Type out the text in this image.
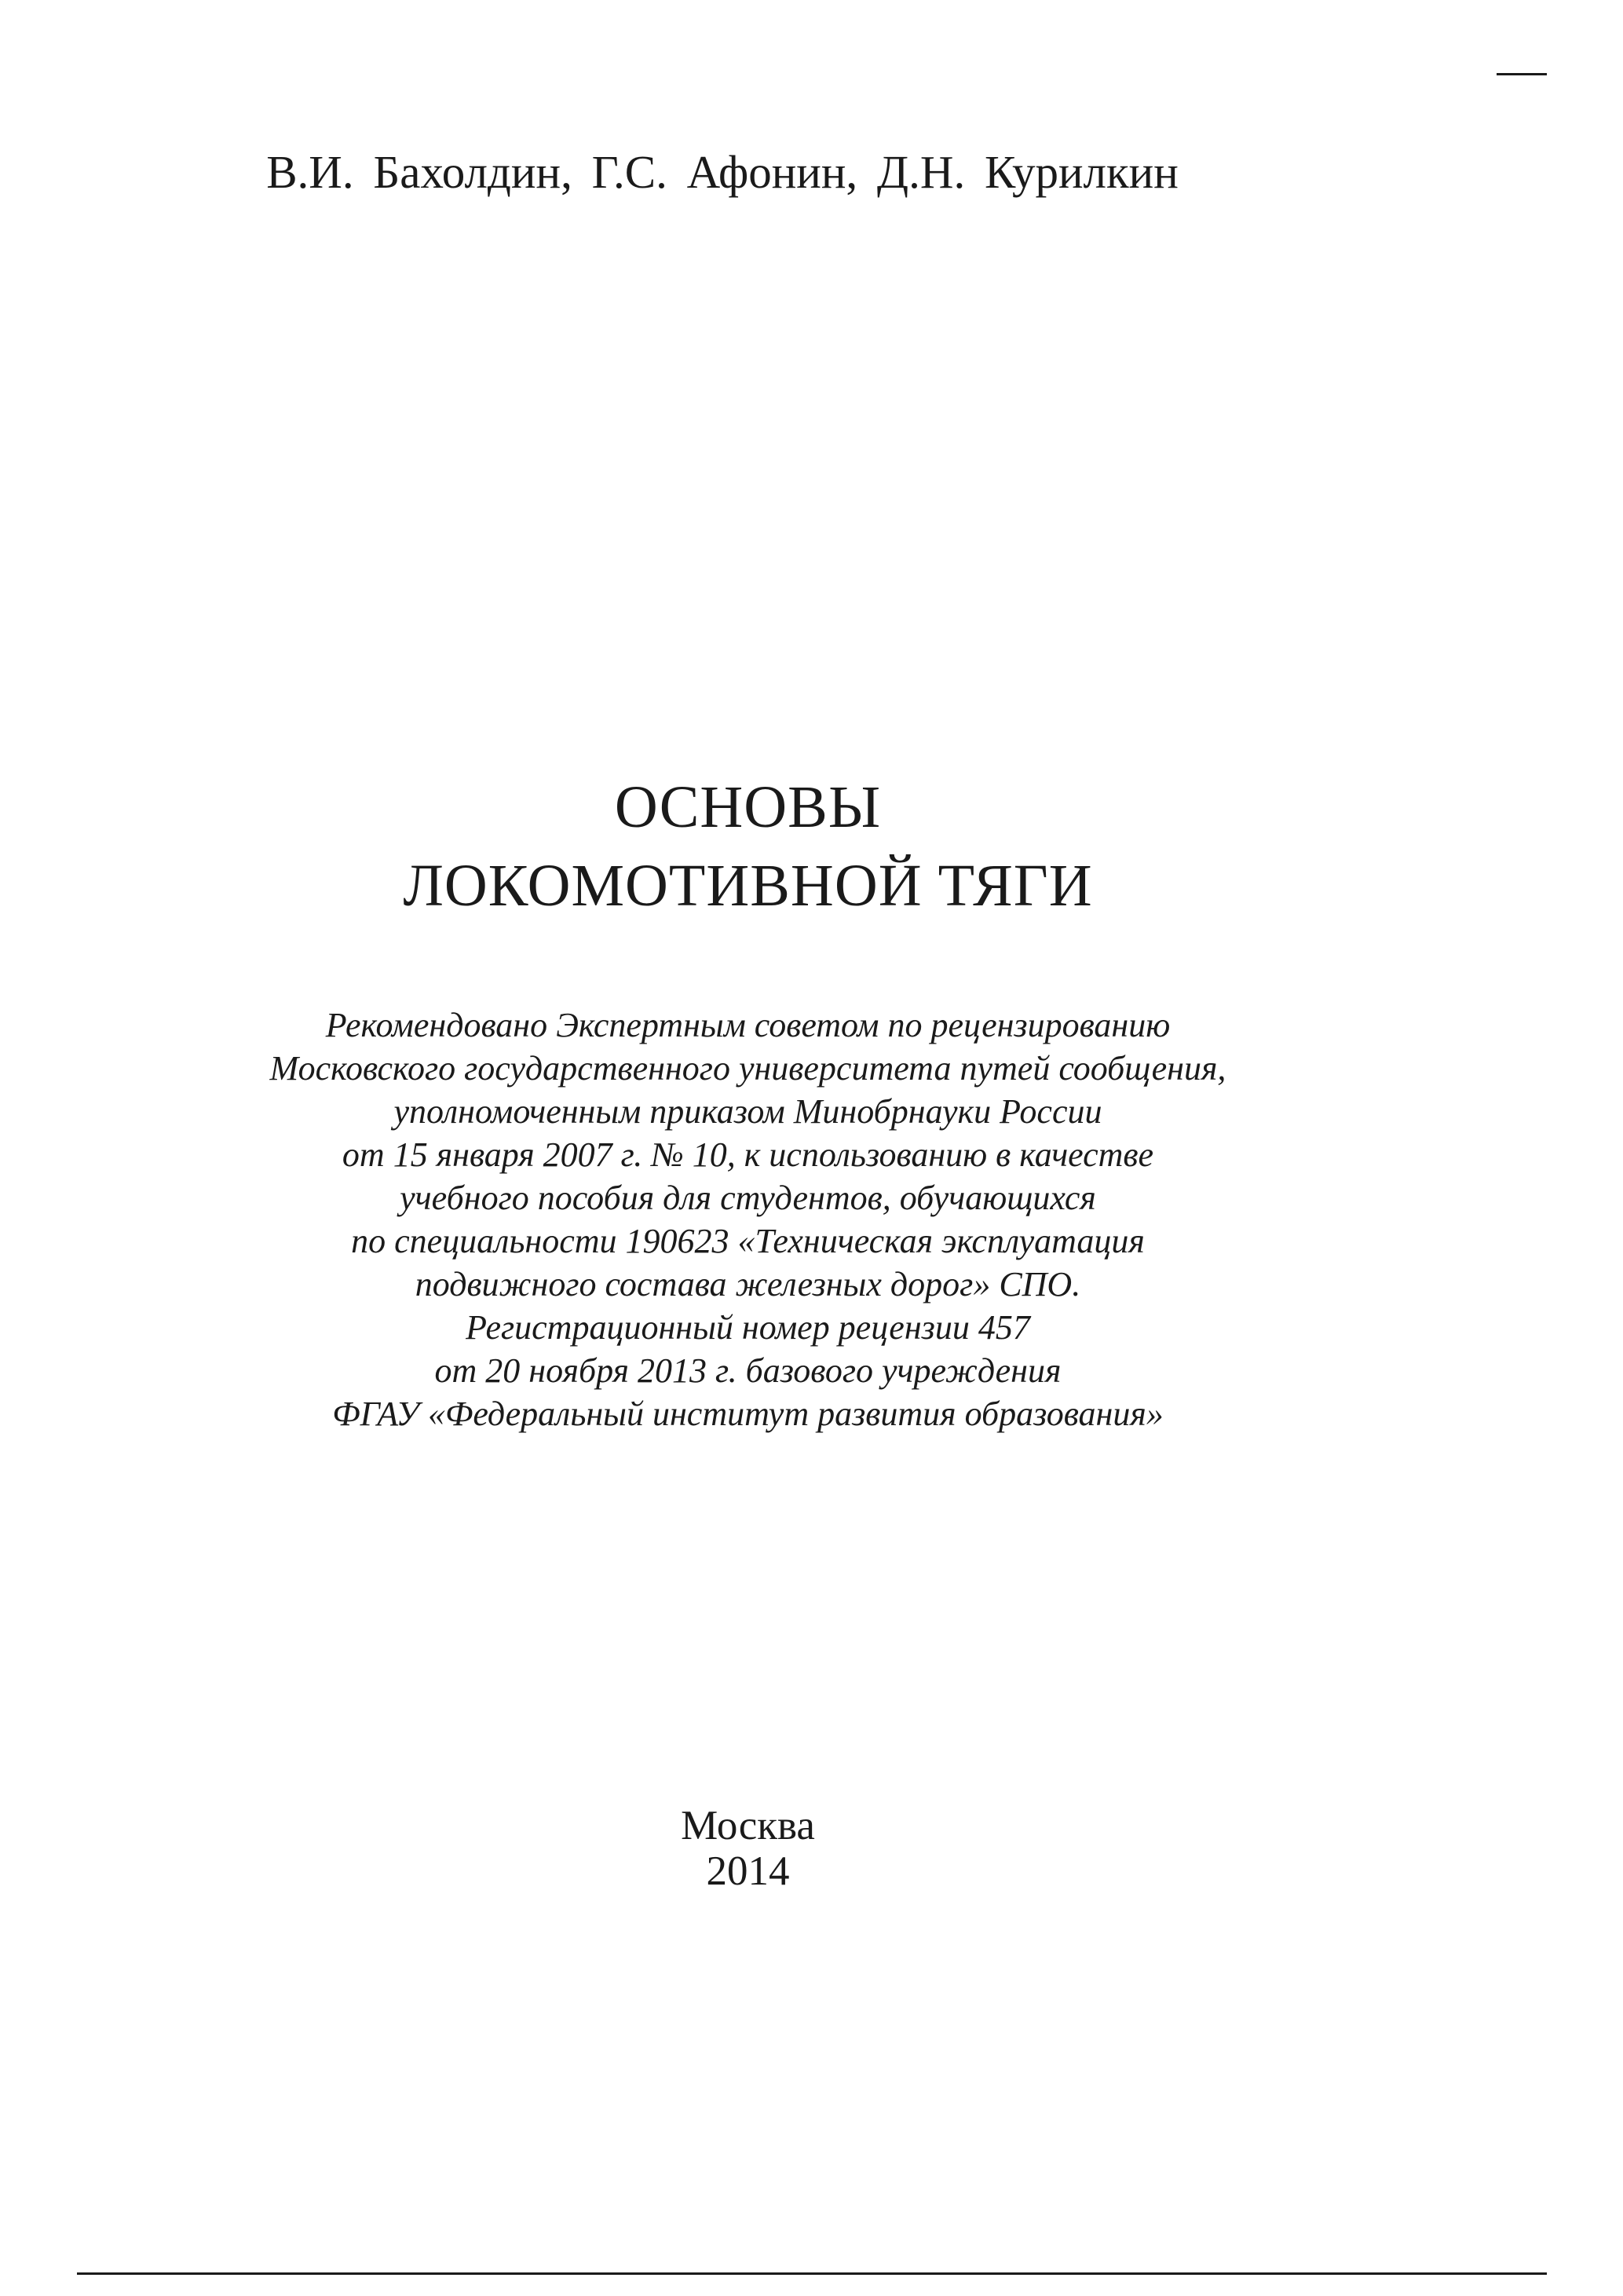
В.И. Бахолдин, Г.С. Афонин, Д.Н. Курилкин
ОСНОВЫ
ЛОКОМОТИВНОЙ ТЯГИ
Рекомендовано Экспертным советом по рецензированию
Московского государственного университета путей сообщения,
уполномоченным приказом Минобрнауки России
от 15 января 2007 г. № 10, к использованию в качестве
учебного пособия для студентов, обучающихся
по специальности 190623 «Техническая эксплуатация
подвижного состава железных дорог» СПО.
Регистрационный номер рецензии 457
от 20 ноября 2013 г. базового учреждения
ФГАУ «Федеральный институт развития образования»
Москва
2014
